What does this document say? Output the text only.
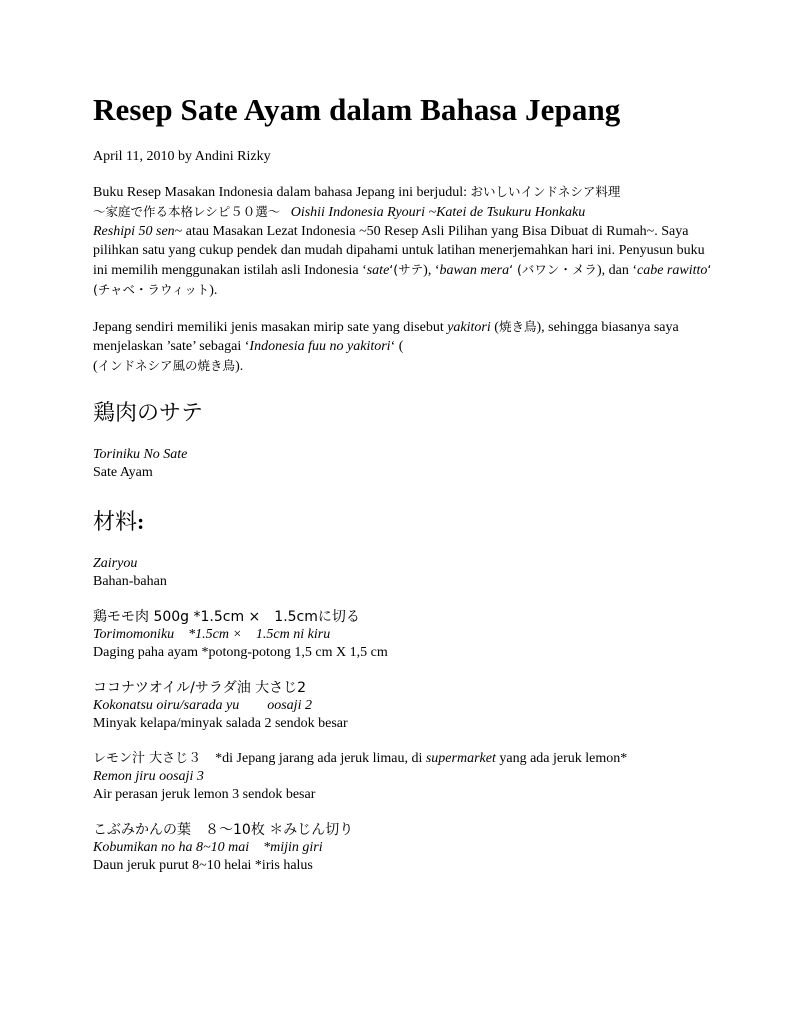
Resep Sate Ayam dalam Bahasa Jepang
April 11, 2010 by Andini Rizky

Buku Resep Masakan Indonesia dalam bahasa Jepang ini berjudul: おいしいインドネシア料理
～家庭で作る本格レシピ５０選～ Oishii Indonesia Ryouri ~Katei de Tsukuru Honkaku
Reshipi 50 sen~ atau Masakan Lezat Indonesia ~50 Resep Asli Pilihan yang Bisa Dibuat di Rumah~. Saya pilihkan satu yang cukup pendek dan mudah dipahami untuk latihan menerjemahkan hari ini. Penyusun buku ini memilih menggunakan istilah asli Indonesia ‘sate‘(サテ), ‘bawan mera‘ (バワン・メラ), dan ‘cabe rawitto‘ (チャベ・ラウィット).

Jepang sendiri memiliki jenis masakan mirip sate yang disebut yakitori (焼き鳥), sehingga biasanya saya menjelaskan ’sate’ sebagai ‘Indonesia fuu no yakitori‘ (
(インドネシア風の焼き鳥).

鶏肉のサテ
Toriniku No Sate
Sate Ayam
材料:
Zairyou
Bahan-bahan
鶏モモ肉 500g *1.5cm ×　1.5cmに切る
Torimomoniku　*1.5cm ×　1.5cm ni kiru
Daging paha ayam *potong-potong 1,5 cm X 1,5 cm
ココナツオイル/サラダ油 大さじ2
Kokonatsu oiru/sarada yu　　oosaji 2
Minyak kelapa/minyak salada 2 sendok besar
レモン汁 大さじ３　*di Jepang jarang ada jeruk limau, di supermarket yang ada jeruk lemon*
Remon jiru oosaji 3
Air perasan jeruk lemon 3 sendok besar
こぶみかんの葉　８～10枚 ＊みじん切り
Kobumikan no ha 8~10 mai　*mijin giri
Daun jeruk purut 8~10 helai *iris halus
